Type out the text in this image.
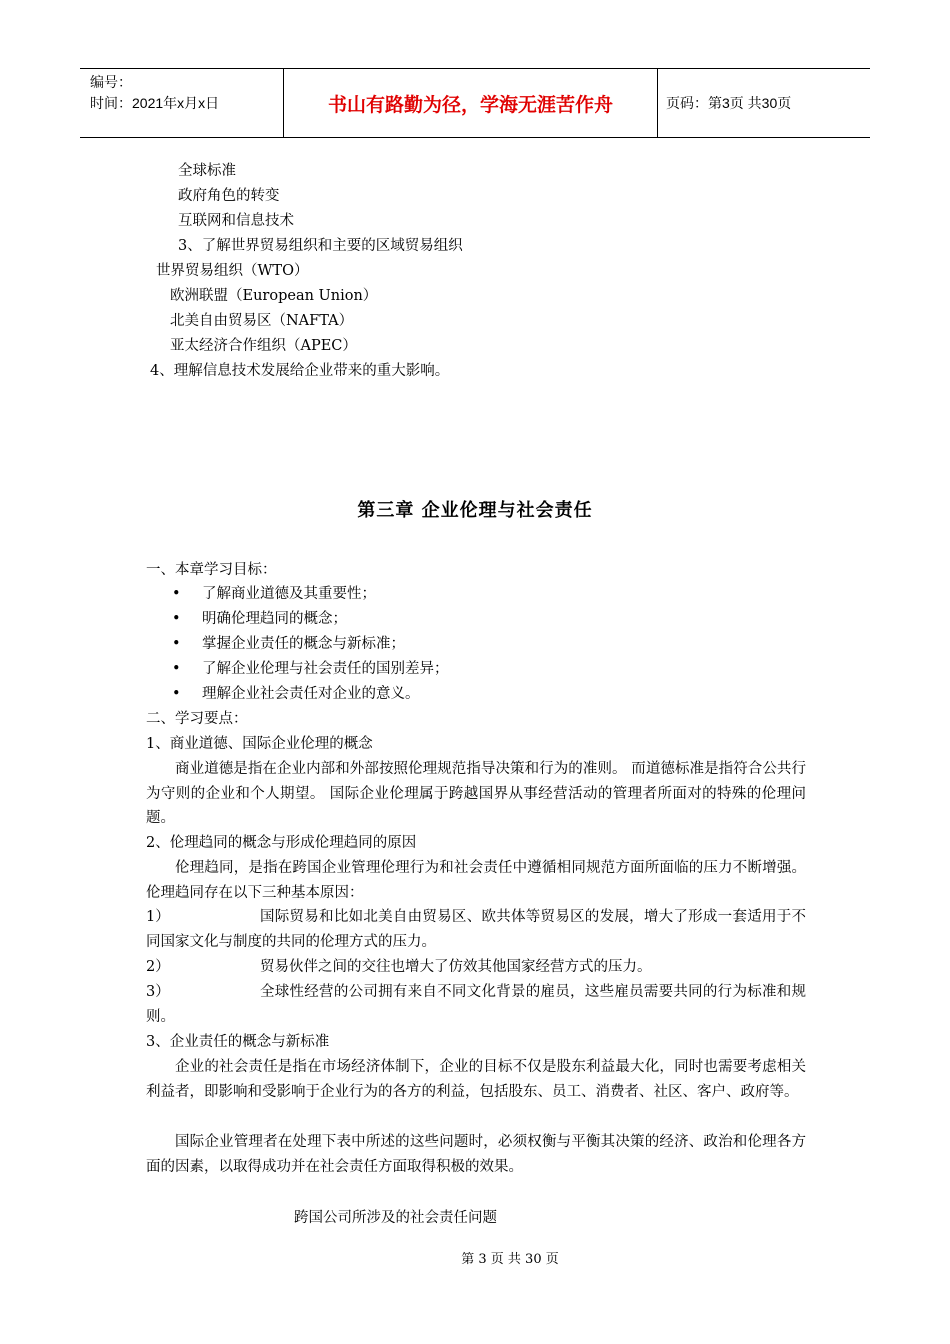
编号：
时间：2021年x月x日	书山有路勤为径，学海无涯苦作舟	页码：第3页 共30页
全球标准
政府角色的转变
互联网和信息技术
3、了解世界贸易组织和主要的区域贸易组织
世界贸易组织（WTO）
欧洲联盟（European Union）
北美自由贸易区（NAFTA）
亚太经济合作组织（APEC）
4、理解信息技术发展给企业带来的重大影响。
第三章 企业伦理与社会责任
一、本章学习目标：
• 了解商业道德及其重要性；
• 明确伦理趋同的概念；
• 掌握企业责任的概念与新标准；
• 了解企业伦理与社会责任的国别差异；
• 理解企业社会责任对企业的意义。
二、学习要点：
1、商业道德、国际企业伦理的概念
商业道德是指在企业内部和外部按照伦理规范指导决策和行为的准则。 而道德标准是指符合公共行为守则的企业和个人期望。 国际企业伦理属于跨越国界从事经营活动的管理者所面对的特殊的伦理问题。
2、伦理趋同的概念与形成伦理趋同的原因
伦理趋同，是指在跨国企业管理伦理行为和社会责任中遵循相同规范方面所面临的压力不断增强。伦理趋同存在以下三种基本原因：
1）	国际贸易和比如北美自由贸易区、欧共体等贸易区的发展，增大了形成一套适用于不同国家文化与制度的共同的伦理方式的压力。
2）	贸易伙伴之间的交往也增大了仿效其他国家经营方式的压力。
3）	全球性经营的公司拥有来自不同文化背景的雇员，这些雇员需要共同的行为标准和规则。
3、企业责任的概念与新标准
企业的社会责任是指在市场经济体制下，企业的目标不仅是股东利益最大化，同时也需要考虑相关利益者，即影响和受影响于企业行为的各方的利益，包括股东、员工、消费者、社区、客户、政府等。
国际企业管理者在处理下表中所述的这些问题时，必须权衡与平衡其决策的经济、政治和伦理各方面的因素，以取得成功并在社会责任方面取得积极的效果。
跨国公司所涉及的社会责任问题
第 3 页 共 30 页
